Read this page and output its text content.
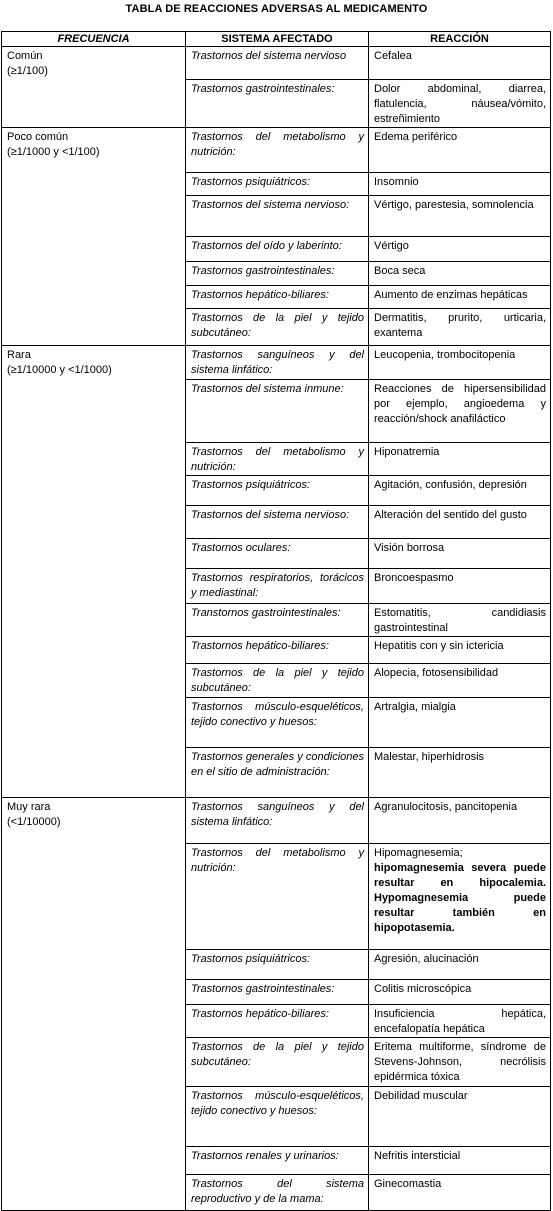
TABLA DE REACCIONES ADVERSAS AL MEDICAMENTO
FRECUENCIA	SISTEMA AFECTADO	REACCIÓN
Común
(≥1/100)	Trastornos del sistema nervioso	Cefalea
	Trastornos gastrointestinales:	Dolor abdominal, diarrea, flatulencia, náusea/vómito, estreñimiento
Poco común
(≥1/1000 y <1/100)	Trastornos del metabolismo y nutrición:	Edema periférico
	Trastornos psiquiátricos:	Insomnio
	Trastornos del sistema nervioso:	Vértigo, parestesia, somnolencia
	Trastornos del oído y laberinto:	Vértigo
	Trastornos gastrointestinales:	Boca seca
	Trastornos hepático-biliares:	Aumento de enzimas hepáticas
	Trastornos de la piel y tejido subcutáneo:	Dermatitis, prurito, urticaria, exantema
Rara
(≥1/10000 y <1/1000)	Trastornos sanguíneos y del sistema linfático:	Leucopenia, trombocitopenia
	Trastornos del sistema inmune:	Reacciones de hipersensibilidad por ejemplo, angioedema y reacción/shock anafiláctico
	Trastornos del metabolismo y nutrición:	Hiponatremia
	Trastornos psiquiátricos:	Agitación, confusión, depresión
	Trastornos del sistema nervioso:	Alteración del sentido del gusto
	Trastornos oculares:	Visión borrosa
	Trastornos respiratorios, torácicos y mediastinal:	Broncoespasmo
	Transtornos gastrointestinales:	Estomatitis, candidiasis gastrointestinal
	Trastornos hepático-biliares:	Hepatitis con y sin ictericia
	Trastornos de la piel y tejido subcutáneo:	Alopecia, fotosensibilidad
	Trastornos músculo-esqueléticos, tejido conectivo y huesos:	Artralgia, mialgia
	Trastornos generales y condiciones en el sitio de administración:	Malestar, hiperhidrosis
Muy rara
(<1/10000)	Trastornos sanguíneos y del sistema linfático:	Agranulocitosis, pancitopenia
	Trastornos del metabolismo y nutrición:	Hipomagnesemia;
hipomagnesemia severa puede resultar en hipocalemia. Hypomagnesemia puede resultar también en hipopotasemia.
	Trastornos psiquiátricos:	Agresión, alucinación
	Trastornos gastrointestinales:	Colitis microscópica
	Trastornos hepático-biliares:	Insuficiencia hepática, encefalopatía hepática
	Trastornos de la piel y tejido subcutáneo:	Eritema multiforme, síndrome de Stevens-Johnson, necrólisis epidérmica tóxica
	Trastornos músculo-esqueléticos, tejido conectivo y huesos:	Debilidad muscular
	Trastornos renales y urinarios:	Nefritis intersticial
	Trastornos del sistema reproductivo y de la mama:	Ginecomastia
